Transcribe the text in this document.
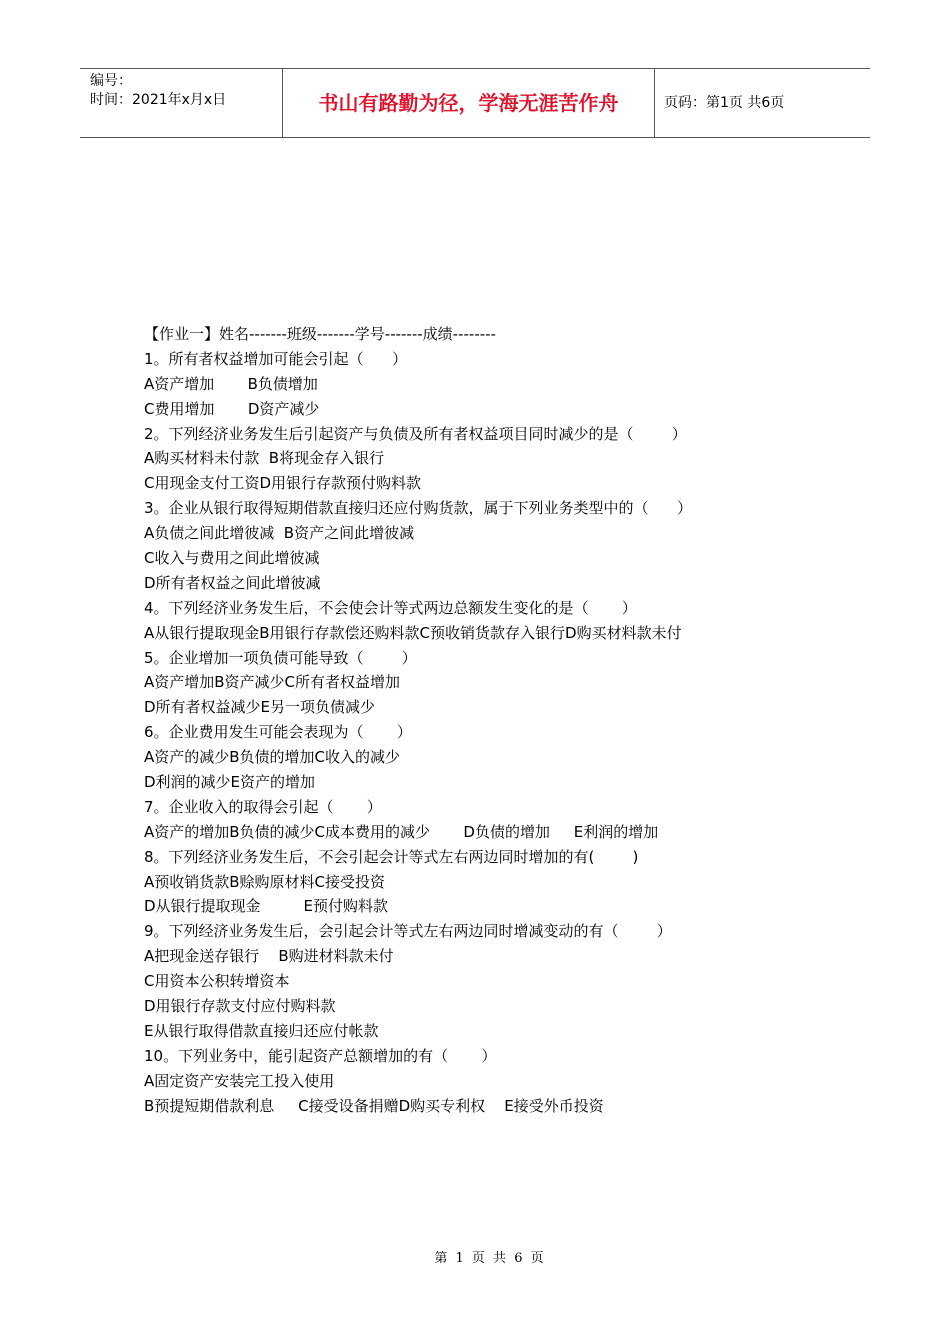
编号：
时间：2021年x月x日	书山有路勤为径，学海无涯苦作舟	页码：第1页 共6页
【作业一】姓名-------班级-------学号-------成绩--------
1。所有者权益增加可能会引起（      ）
A资产增加       B负债增加
C费用增加       D资产减少
2。下列经济业务发生后引起资产与负债及所有者权益项目同时减少的是（        ）
A购买材料未付款  B将现金存入银行
C用现金支付工资D用银行存款预付购料款
3。企业从银行取得短期借款直接归还应付购货款，属于下列业务类型中的（      ）
A负债之间此增彼减  B资产之间此增彼减
C收入与费用之间此增彼减
D所有者权益之间此增彼减
4。下列经济业务发生后，不会使会计等式两边总额发生变化的是（       ）
A从银行提取现金B用银行存款偿还购料款C预收销货款存入银行D购买材料款未付
5。企业增加一项负债可能导致（        ）
A资产增加B资产减少C所有者权益增加
D所有者权益减少E另一项负债减少
6。企业费用发生可能会表现为（       ）
A资产的减少B负债的增加C收入的减少
D利润的减少E资产的增加
7。企业收入的取得会引起（       ）
A资产的增加B负债的减少C成本费用的减少       D负债的增加     E利润的增加
8。下列经济业务发生后，不会引起会计等式左右两边同时增加的有(        )
A预收销货款B赊购原材料C接受投资
D从银行提取现金         E预付购料款
9。下列经济业务发生后，会引起会计等式左右两边同时增减变动的有（        ）
A把现金送存银行    B购进材料款未付
C用资本公积转增资本
D用银行存款支付应付购料款
E从银行取得借款直接归还应付帐款
10。下列业务中，能引起资产总额增加的有（       ）
A固定资产安装完工投入使用
B预提短期借款利息     C接受设备捐赠D购买专利权    E接受外币投资
第 1 页 共 6 页
